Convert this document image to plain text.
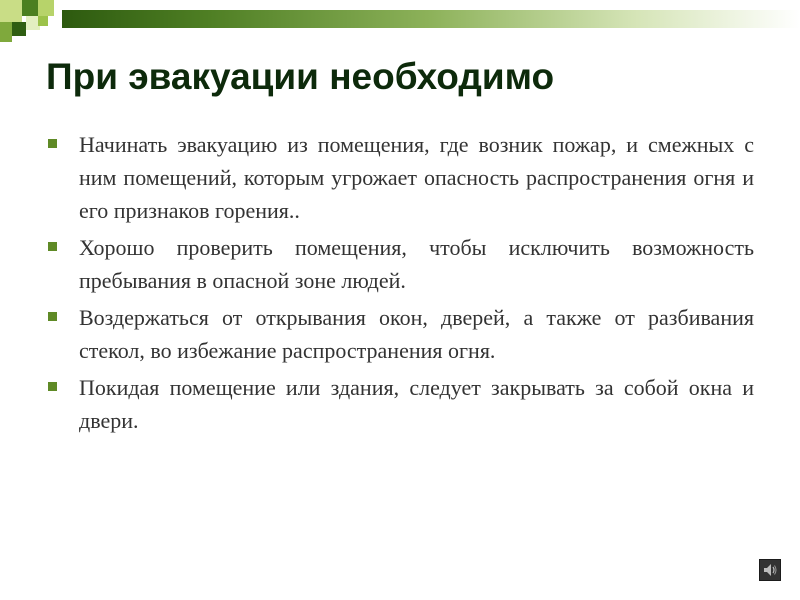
При эвакуации необходимо
Начинать эвакуацию из помещения, где возник пожар, и смежных с ним помещений, которым угрожает опасность распространения огня и его признаков горения..
Хорошо проверить помещения, чтобы исключить возможность пребывания в опасной зоне людей.
Воздержаться от открывания окон, дверей, а также от разбивания стекол, во избежание распространения огня.
Покидая помещение или здания, следует закрывать за собой окна и двери.
